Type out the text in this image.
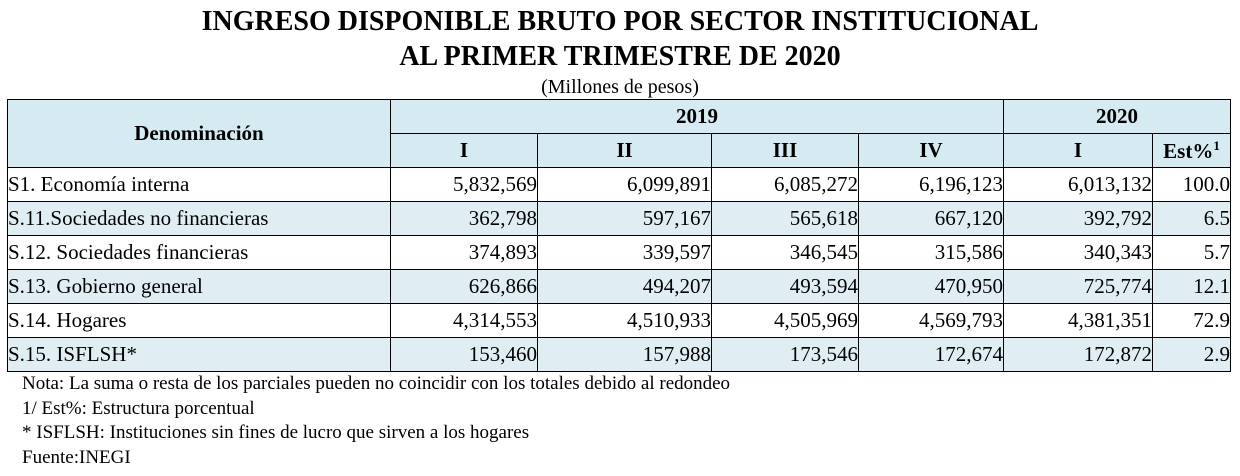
INGRESO DISPONIBLE BRUTO POR SECTOR INSTITUCIONAL
AL PRIMER TRIMESTRE DE 2020
(Millones de pesos)
Denominación	2019				2020	
	I	II	III	IV	I	Est%$^1$
S1. Economía interna	5,832,569	6,099,891	6,085,272	6,196,123	6,013,132	100.0
S.11.Sociedades no financieras	362,798	597,167	565,618	667,120	392,792	6.5
S.12. Sociedades financieras	374,893	339,597	346,545	315,586	340,343	5.7
S.13. Gobierno general	626,866	494,207	493,594	470,950	725,774	12.1
S.14. Hogares	4,314,553	4,510,933	4,505,969	4,569,793	4,381,351	72.9
S.15. ISFLSH*	153,460	157,988	173,546	172,674	172,872	2.9
Nota: La suma o resta de los parciales pueden no coincidir con los totales debido al redondeo
1/ Est%: Estructura porcentual
* ISFLSH: Instituciones sin fines de lucro que sirven a los hogares
Fuente:INEGI
